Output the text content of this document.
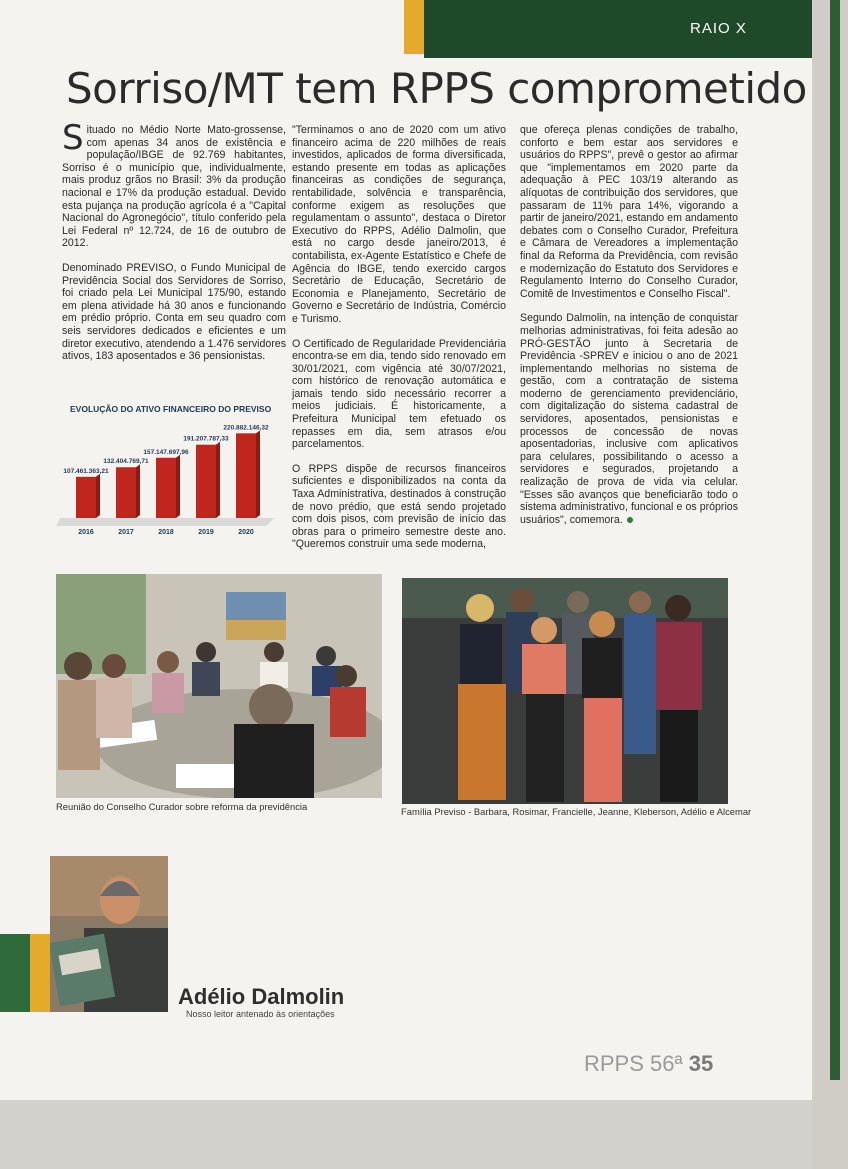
RAIO X
Sorriso/MT tem RPPS comprometido

Situado no Médio Norte Mato-grossense, com apenas 34 anos de existência e população/IBGE de 92.769 habitantes, Sorriso é o município que, individualmente, mais produz grãos no Brasil: 3% da produção nacional e 17% da produção estadual. Devido esta pujança na produção agrícola é a "Capital Nacional do Agronegócio", título conferido pela Lei Federal nº 12.724, de 16 de outubro de 2012.

Denominado PREVISO, o Fundo Municipal de Previdência Social dos Servidores de Sorriso, foi criado pela Lei Municipal 175/90, estando em plena atividade há 30 anos e funcionando em prédio próprio. Conta em seu quadro com seis servidores dedicados e eficientes e um diretor executivo, atendendo a 1.476 servidores ativos, 183 aposentados e 36 pensionistas.

EVOLUÇÃO DO ATIVO FINANCEIRO DO PREVISO
107.461.363,21
2016
132.404.769,71
2017
157.147.697,96
2018
191.207.787,33
2019
220.882.146,32
2020

"Terminamos o ano de 2020 com um ativo financeiro acima de 220 milhões de reais investidos, aplicados de forma diversificada, estando presente em todas as aplicações financeiras as condições de segurança, rentabilidade, solvência e transparência, conforme exigem as resoluções que regulamentam o assunto", destaca o Diretor Executivo do RPPS, Adélio Dalmolin, que está no cargo desde janeiro/2013, é contabilista, ex-Agente Estatístico e Chefe de Agência do IBGE, tendo exercido cargos Secretário de Educação, Secretário de Economia e Planejamento, Secretário de Governo e Secretário de Indústria, Comércio e Turismo.

O Certificado de Regularidade Previdenciária encontra-se em dia, tendo sido renovado em 30/01/2021, com vigência até 30/07/2021, com histórico de renovação automática e jamais tendo sido necessário recorrer a meios judiciais. É historicamente, a Prefeitura Municipal tem efetuado os repasses em dia, sem atrasos e/ou parcelamentos.

O RPPS dispõe de recursos financeiros suficientes e disponibilizados na conta da Taxa Administrativa, destinados à construção de novo prédio, que está sendo projetado com dois pisos, com previsão de início das obras para o primeiro semestre deste ano. "Queremos construir uma sede moderna,

que ofereça plenas condições de trabalho, conforto e bem estar aos servidores e usuários do RPPS", prevê o gestor ao afirmar que "implementamos em 2020 parte da adequação à PEC 103/19 alterando as alíquotas de contribuição dos servidores, que passaram de 11% para 14%, vigorando a partir de janeiro/2021, estando em andamento debates com o Conselho Curador, Prefeitura e Câmara de Vereadores a implementação final da Reforma da Previdência, com revisão e modernização do Estatuto dos Servidores e Regulamento Interno do Conselho Curador, Comitê de Investimentos e Conselho Fiscal".

Segundo Dalmolin, na intenção de conquistar melhorias administrativas, foi feita adesão ao PRÓ-GESTÃO junto à Secretaria de Previdência -SPREV e iniciou o ano de 2021 implementando melhorias no sistema de gestão, com a contratação de sistema moderno de gerenciamento previdenciário, com digitalização do sistema cadastral de servidores, aposentados, pensionistas e processos de concessão de novas aposentadorias, inclusive com aplicativos para celulares, possibilitando o acesso a servidores e segurados, projetando a realização de prova de vida via celular. "Esses são avanços que beneficiarão todo o sistema administrativo, funcional e os próprios usuários", comemora.

Reunião do Conselho Curador sobre reforma da previdência	Família Previso - Barbara, Rosimar, Francielle, Jeanne, Kleberson, Adélio e Alcemar
Adélio Dalmolin
Nosso leitor antenado às orientações
RPPS 56ª 35
